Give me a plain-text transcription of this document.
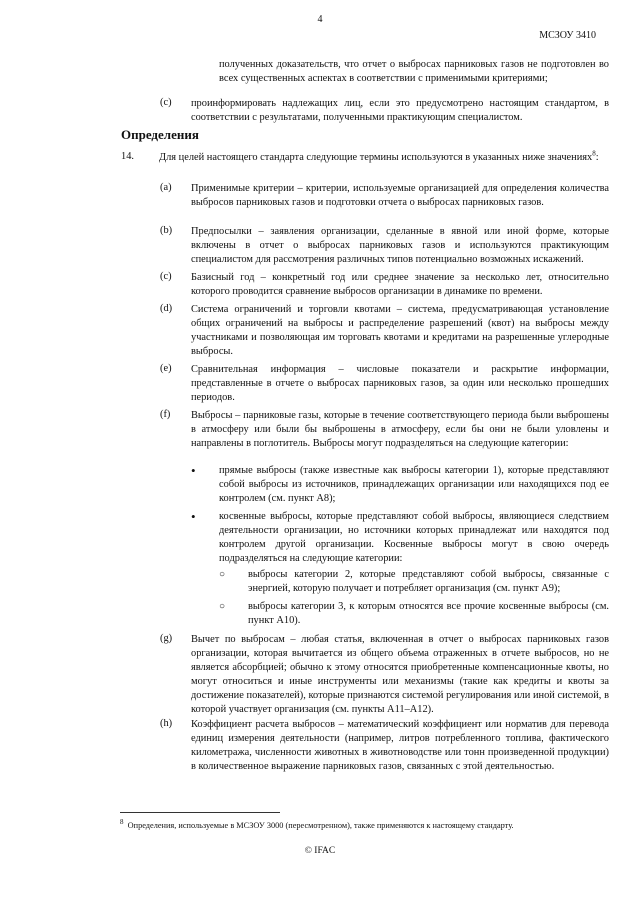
4
МСЗОУ 3410
полученных доказательств, что отчет о выбросах парниковых газов не подготовлен во всех существенных аспектах в соответствии с применимыми критериями;
(c) проинформировать надлежащих лиц, если это предусмотрено настоящим стандартом, в соответствии с результатами, полученными практикующим специалистом.
Определения
14. Для целей настоящего стандарта следующие термины используются в указанных ниже значениях$^8$:
(a) Применимые критерии – критерии, используемые организацией для определения количества выбросов парниковых газов и подготовки отчета о выбросах парниковых газов.
(b) Предпосылки – заявления организации, сделанные в явной или иной форме, которые включены в отчет о выбросах парниковых газов и используются практикующим специалистом для рассмотрения различных типов потенциально возможных искажений.
(c) Базисный год – конкретный год или среднее значение за несколько лет, относительно которого проводится сравнение выбросов организации в динамике по времени.
(d) Система ограничений и торговли квотами – система, предусматривающая установление общих ограничений на выбросы и распределение разрешений (квот) на выбросы между участниками и позволяющая им торговать квотами и кредитами на разрешенные углеродные выбросы.
(e) Сравнительная информация – числовые показатели и раскрытие информации, представленные в отчете о выбросах парниковых газов, за один или несколько прошедших периодов.
(f) Выбросы – парниковые газы, которые в течение соответствующего периода были выброшены в атмосферу или были бы выброшены в атмосферу, если бы они не были уловлены и направлены в поглотитель. Выбросы могут подразделяться на следующие категории:
• прямые выбросы (также известные как выбросы категории 1), которые представляют собой выбросы из источников, принадлежащих организации или находящихся под ее контролем (см. пункт A8);
• косвенные выбросы, которые представляют собой выбросы, являющиеся следствием деятельности организации, но источники которых принадлежат или находятся под контролем другой организации. Косвенные выбросы могут в свою очередь подразделяться на следующие категории:
○ выбросы категории 2, которые представляют собой выбросы, связанные с энергией, которую получает и потребляет организация (см. пункт A9);
○ выбросы категории 3, к которым относятся все прочие косвенные выбросы (см. пункт A10).
(g) Вычет по выбросам – любая статья, включенная в отчет о выбросах парниковых газов организации, которая вычитается из общего объема отраженных в отчете выбросов, но не является абсорбцией; обычно к этому относятся приобретенные компенсационные квоты, но могут относиться и иные инструменты или механизмы (такие как кредиты и квоты за достижение показателей), которые признаются системой регулирования или иной системой, в которой участвует организация (см. пункты A11–A12).
(h) Коэффициент расчета выбросов – математический коэффициент или норматив для перевода единиц измерения деятельности (например, литров потребленного топлива, фактического километража, численности животных в животноводстве или тонн произведенной продукции) в количественное выражение парниковых газов, связанных с этой деятельностью.
$^8$ Определения, используемые в МСЗОУ 3000 (пересмотренном), также применяются к настоящему стандарту.
© IFAC
